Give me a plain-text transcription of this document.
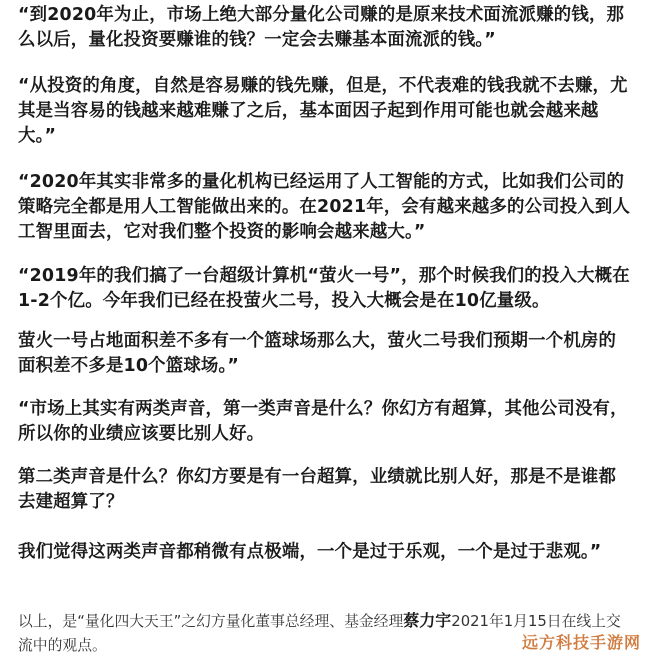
“到2020年为止，市场上绝大部分量化公司赚的是原来技术面流派赚的钱，那么以后，量化投资要赚谁的钱？一定会去赚基本面流派的钱。”

“从投资的角度，自然是容易赚的钱先赚，但是，不代表难的钱我就不去赚，尤其是当容易的钱越来越难赚了之后，基本面因子起到作用可能也就会越来越大。”

“2020年其实非常多的量化机构已经运用了人工智能的方式，比如我们公司的策略完全都是用人工智能做出来的。在2021年，会有越来越多的公司投入到人工智里面去，它对我们整个投资的影响会越来越大。”

“2019年的我们搞了一台超级计算机“萤火一号”，那个时候我们的投入大概在1-2个亿。今年我们已经在投萤火二号，投入大概会是在10亿量级。

萤火一号占地面积差不多有一个篮球场那么大，萤火二号我们预期一个机房的面积差不多是10个篮球场。”

“市场上其实有两类声音，第一类声音是什么？你幻方有超算，其他公司没有，所以你的业绩应该要比别人好。

第二类声音是什么？你幻方要是有一台超算，业绩就比别人好，那是不是谁都去建超算了？

我们觉得这两类声音都稍微有点极端，一个是过于乐观，一个是过于悲观。”

以上，是“量化四大天王”之幻方量化董事总经理、基金经理蔡力宇2021年1月15日在线上交流中的观点。	远方科技手游网
